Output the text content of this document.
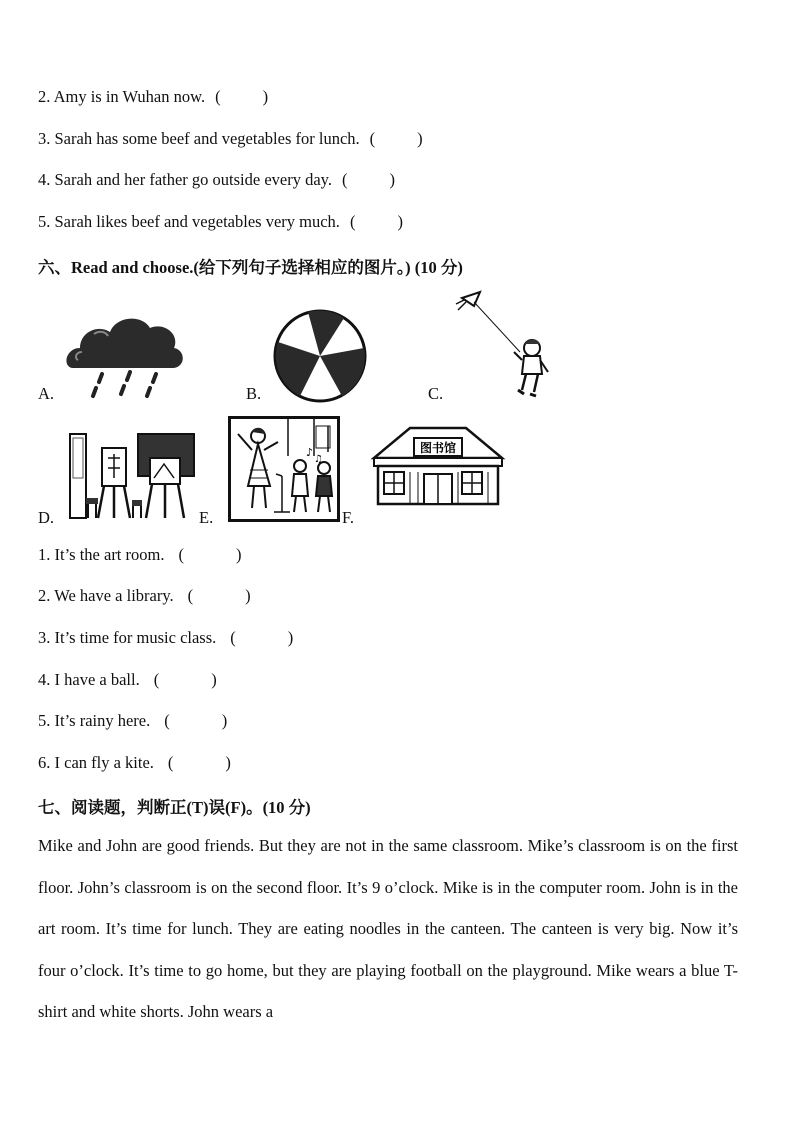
2. Amy is in Wuhan now. (	)
3. Sarah has some beef and vegetables for lunch. (	)
4. Sarah and her father go outside every day. (	)
5. Sarah likes beef and vegetables very much. (	)
六、Read and choose.(给下列句子选择相应的图片。) (10 分)
A.	B.	C.
D.	E.
♪
♫
F.
图书馆
1. It’s the art room. (	)
2. We have a library. (	)
3. It’s time for music class. (	)
4. I have a ball. (	)
5. It’s rainy here. (	)
6. I can fly a kite. (	)
七、阅读题，判断正(T)误(F)。(10 分)
Mike and John are good friends. But they are not in the same classroom. Mike’s classroom is on the first floor. John’s classroom is on the second floor. It’s 9 o’clock. Mike is in the computer room. John is in the art room. It’s time for lunch. They are eating noodles in the canteen. The canteen is very big. Now it’s four o’clock. It’s time to go home, but they are playing football on the playground. Mike wears a blue T-shirt and white shorts. John wears a
